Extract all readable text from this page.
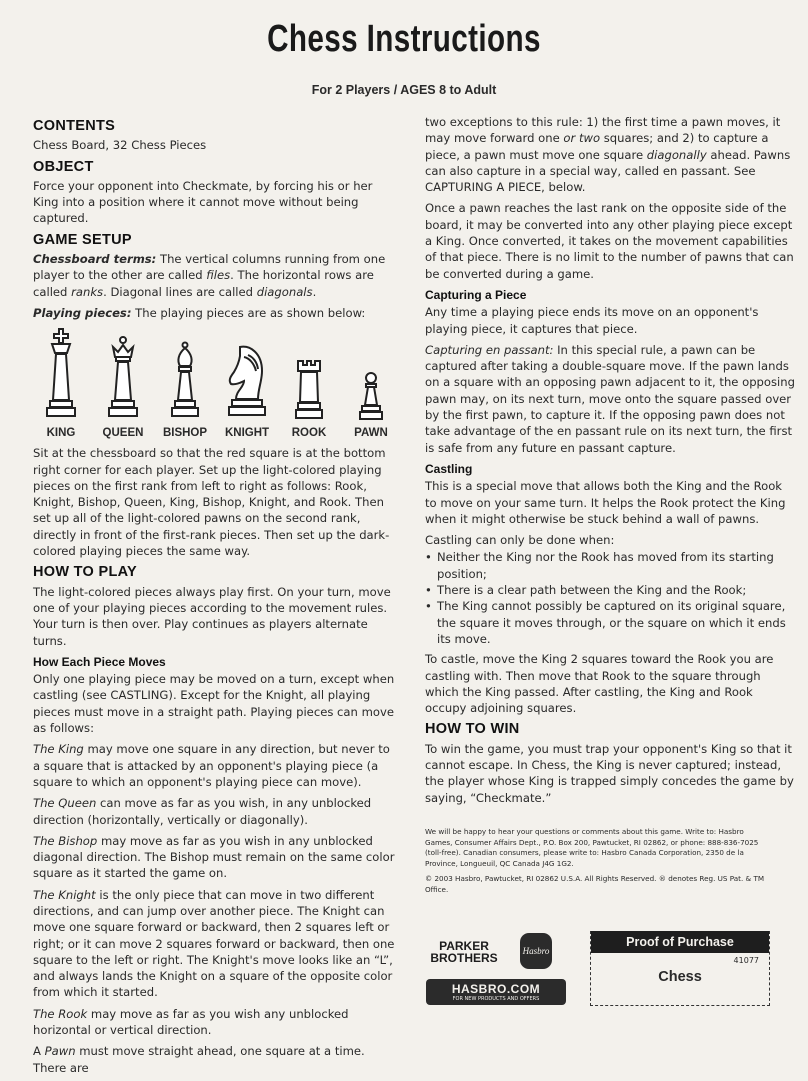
Chess Instructions
For 2 Players / AGES 8 to Adult
CONTENTS

Chess Board, 32 Chess Pieces

OBJECT

Force your opponent into Checkmate, by forcing his or her King into a position where it cannot move without being captured.

GAME SETUP

Chessboard terms: The vertical columns running from one player to the other are called files. The horizontal rows are called ranks. Diagonal lines are called diagonals.

Playing pieces: The playing pieces are as shown below:

KING QUEEN BISHOP KNIGHT ROOK PAWN

Sit at the chessboard so that the red square is at the bottom right corner for each player. Set up the light-colored playing pieces on the first rank from left to right as follows: Rook, Knight, Bishop, Queen, King, Bishop, Knight, and Rook. Then set up all of the light-colored pawns on the second rank, directly in front of the first-rank pieces. Then set up the dark-colored playing pieces the same way.

HOW TO PLAY

The light-colored pieces always play first. On your turn, move one of your playing pieces according to the movement rules. Your turn is then over. Play continues as players alternate turns.

How Each Piece Moves

Only one playing piece may be moved on a turn, except when castling (see CASTLING). Except for the Knight, all playing pieces must move in a straight path. Playing pieces can move as follows:

The King may move one square in any direction, but never to a square that is attacked by an opponent's playing piece (a square to which an opponent's playing piece can move).

The Queen can move as far as you wish, in any unblocked direction (horizontally, vertically or diagonally).

The Bishop may move as far as you wish in any unblocked diagonal direction. The Bishop must remain on the same color square as it started the game on.

The Knight is the only piece that can move in two different directions, and can jump over another piece. The Knight can move one square forward or backward, then 2 squares left or right; or it can move 2 squares forward or backward, then one square to the left or right. The Knight's move looks like an “L”, and always lands the Knight on a square of the opposite color from which it started.

The Rook may move as far as you wish any unblocked horizontal or vertical direction.

A Pawn must move straight ahead, one square at a time. There are

two exceptions to this rule: 1) the first time a pawn moves, it may move forward one or two squares; and 2) to capture a piece, a pawn must move one square diagonally ahead. Pawns can also capture in a special way, called en passant. See CAPTURING A PIECE, below.

Once a pawn reaches the last rank on the opposite side of the board, it may be converted into any other playing piece except a King. Once converted, it takes on the movement capabilities of that piece. There is no limit to the number of pawns that can be converted during a game.

Capturing a Piece

Any time a playing piece ends its move on an opponent's playing piece, it captures that piece.

Capturing en passant: In this special rule, a pawn can be captured after taking a double-square move. If the pawn lands on a square with an opposing pawn adjacent to it, the opposing pawn may, on its next turn, move onto the square passed over by the first pawn, to capture it. If the opposing pawn does not take advantage of the en passant rule on its next turn, the first is safe from any future en passant capture.

Castling

This is a special move that allows both the King and the Rook to move on your same turn. It helps the Rook protect the King when it might otherwise be stuck behind a wall of pawns.

Castling can only be done when:
• Neither the King nor the Rook has moved from its starting position;
• There is a clear path between the King and the Rook;
• The King cannot possibly be captured on its original square, the square it moves through, or the square on which it ends its move.

To castle, move the King 2 squares toward the Rook you are castling with. Then move that Rook to the square through which the King passed. After castling, the King and Rook occupy adjoining squares.

HOW TO WIN

To win the game, you must trap your opponent's King so that it cannot escape. In Chess, the King is never captured; instead, the player whose King is trapped simply concedes the game by saying, “Checkmate.”

We will be happy to hear your questions or comments about this game. Write to: Hasbro Games, Consumer Affairs Dept., P.O. Box 200, Pawtucket, RI 02862, or phone: 888-836-7025 (toll-free). Canadian consumers, please write to: Hasbro Canada Corporation, 2350 de la Province, Longueuil, QC Canada J4G 1G2.

© 2003 Hasbro, Pawtucket, RI 02862 U.S.A. All Rights Reserved. ® denotes Reg. US Pat. & TM Office.

PARKER
BROTHERS	Hasbro
HASBRO.COM
FOR NEW PRODUCTS AND OFFERS
Proof of Purchase
41077
Chess
